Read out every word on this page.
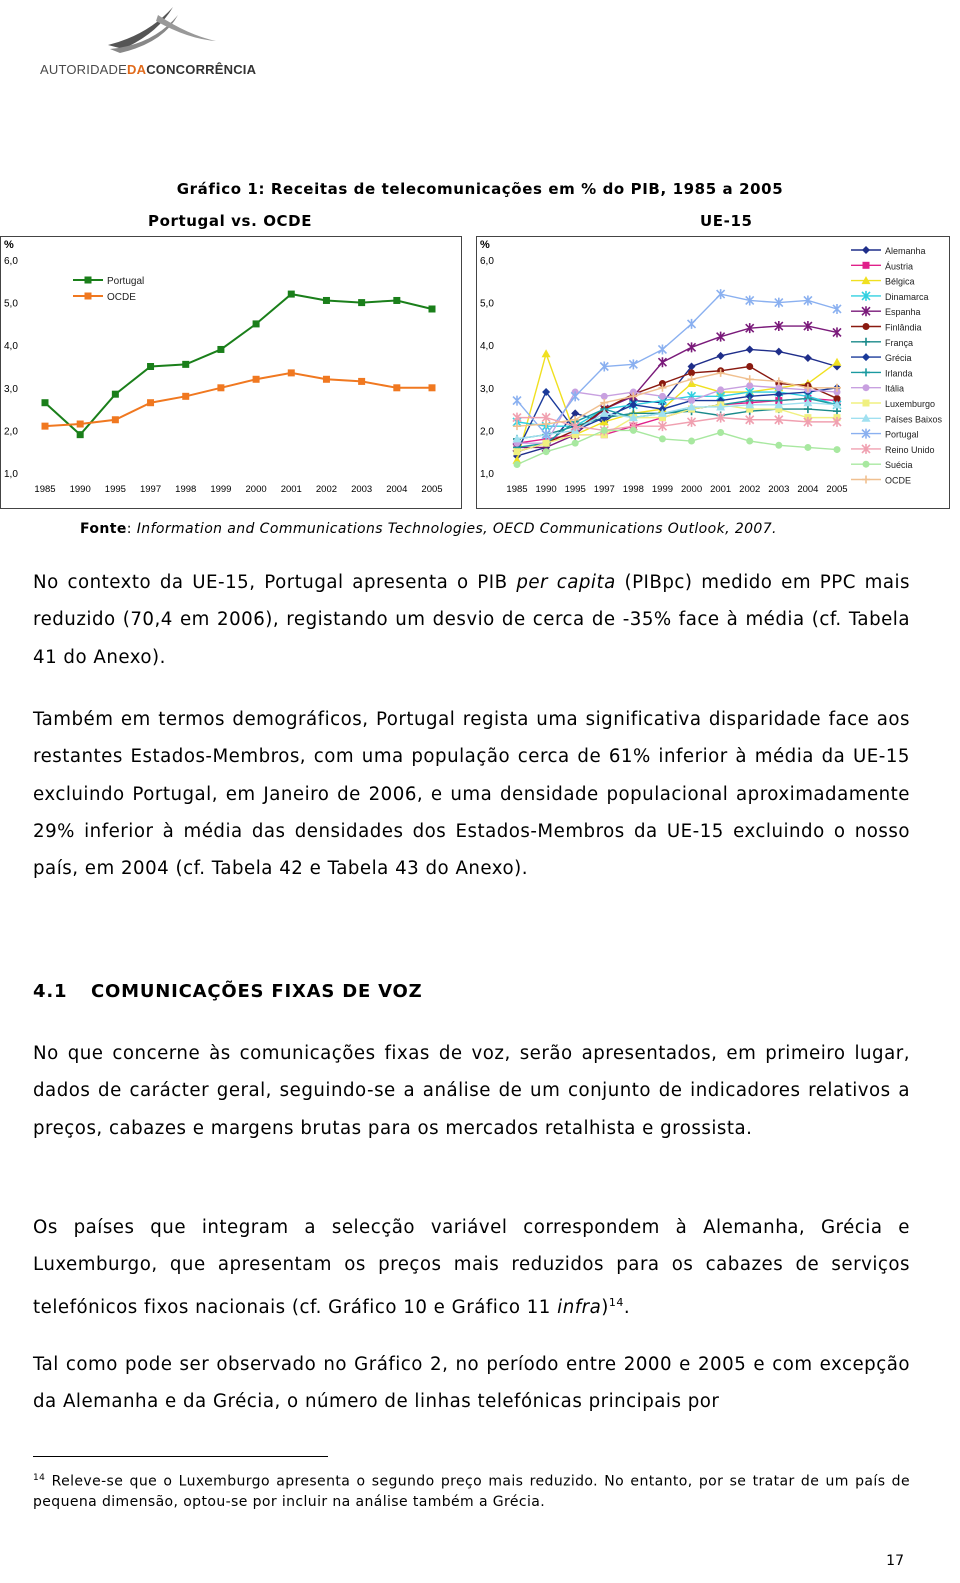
AUTORIDADEDACONCORRÊNCIA
Gráfico 1: Receitas de telecomunicações em % do PIB, 1985 a 2005
Portugal vs. OCDE	UE-15
%
1,0
2,0
3,0
4,0
5,0
6,0
1985 1990 1995 1997 1998 1999 2000 2001 2002 2003 2004 2005
Portugal
OCDE
%
1,0
2,0
3,0
4,0
5,0
6,0
1985 1990 1995 1997 1998 1999 2000 2001 2002 2003 2004 2005
Alemanha
Áustria
Bélgica
Dinamarca
Espanha
Finlândia
França
Grécia
Irlanda
Itália
Luxemburgo
Países Baixos
Portugal
Reino Unido
Suécia
OCDE
Fonte: Information and Communications Technologies, OECD Communications Outlook, 2007.

No contexto da UE-15, Portugal apresenta o PIB per capita (PIBpc) medido em PPC mais reduzido (70,4 em 2006), registando um desvio de cerca de -35% face à média (cf. Tabela 41 do Anexo).

Também em termos demográficos, Portugal regista uma significativa disparidade face aos restantes Estados-Membros, com uma população cerca de 61% inferior à média da UE-15 excluindo Portugal, em Janeiro de 2006, e uma densidade populacional aproximadamente 29% inferior à média das densidades dos Estados-Membros da UE-15 excluindo o nosso país, em 2004 (cf. Tabela 42 e Tabela 43 do Anexo).

4.1 COMUNICAÇÕES FIXAS DE VOZ

No que concerne às comunicações fixas de voz, serão apresentados, em primeiro lugar, dados de carácter geral, seguindo-se a análise de um conjunto de indicadores relativos a preços, cabazes e margens brutas para os mercados retalhista e grossista.

Os países que integram a selecção variável correspondem à Alemanha, Grécia e Luxemburgo, que apresentam os preços mais reduzidos para os cabazes de serviços telefónicos fixos nacionais (cf. Gráfico 10 e Gráfico 11 infra)$^{14}$.

Tal como pode ser observado no Gráfico 2, no período entre 2000 e 2005 e com excepção da Alemanha e da Grécia, o número de linhas telefónicas principais por

$^{14}$ Releve-se que o Luxemburgo apresenta o segundo preço mais reduzido. No entanto, por se tratar de um país de pequena dimensão, optou-se por incluir na análise também a Grécia.
17
